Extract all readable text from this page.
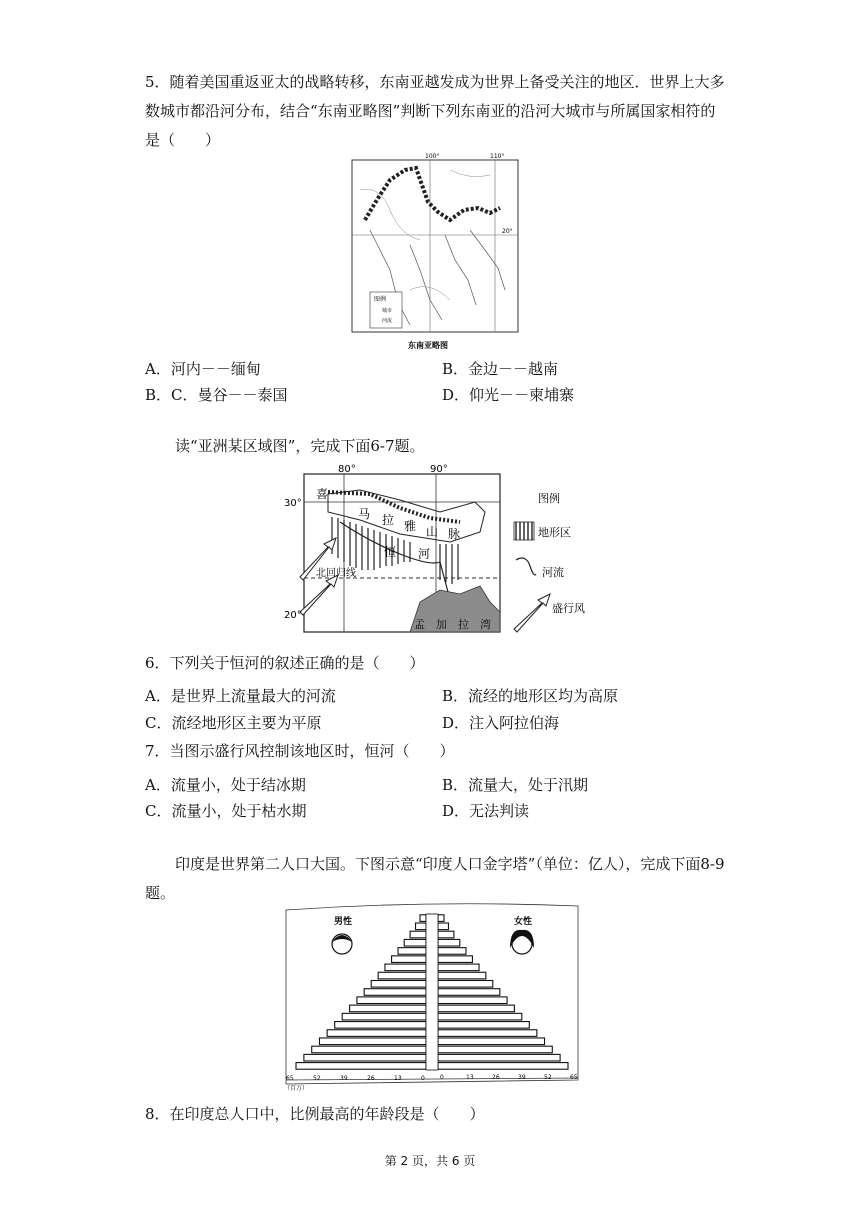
5．随着美国重返亚太的战略转移，东南亚越发成为世界上备受关注的地区．世界上大多数城市都沿河分布，结合“东南亚略图”判断下列东南亚的沿河大城市与所属国家相符的是（　　）
100°	110°
20°
图例
城市
河流
东南亚略图
A．河内－－缅甸	B．金边－－越南
B．C．曼谷－－泰国	D．仰光－－柬埔寨
读“亚洲某区域图”，完成下面6-7题。
80°	90°
30°
20°
喜
马 拉 雅 山 脉
恒 河
北回归线
孟　加　拉　湾
图例
地形区
河流
盛行风
6．下列关于恒河的叙述正确的是（　　）
A．是世界上流量最大的河流	B．流经的地形区均为高原
C．流经地形区主要为平原	D．注入阿拉伯海
7．当图示盛行风控制该地区时，恒河（　　）
A．流量小，处于结冰期	B．流量大，处于汛期
C．流量小，处于枯水期	D．无法判读
印度是世界第二人口大国。下图示意“印度人口金字塔”（单位：亿人），完成下面8-9题。
男性	女性
65	52	39	26	13	0	0	13	26	39	52	65
（百万）
8．在印度总人口中，比例最高的年龄段是（　　）
第 2 页，共 6 页
